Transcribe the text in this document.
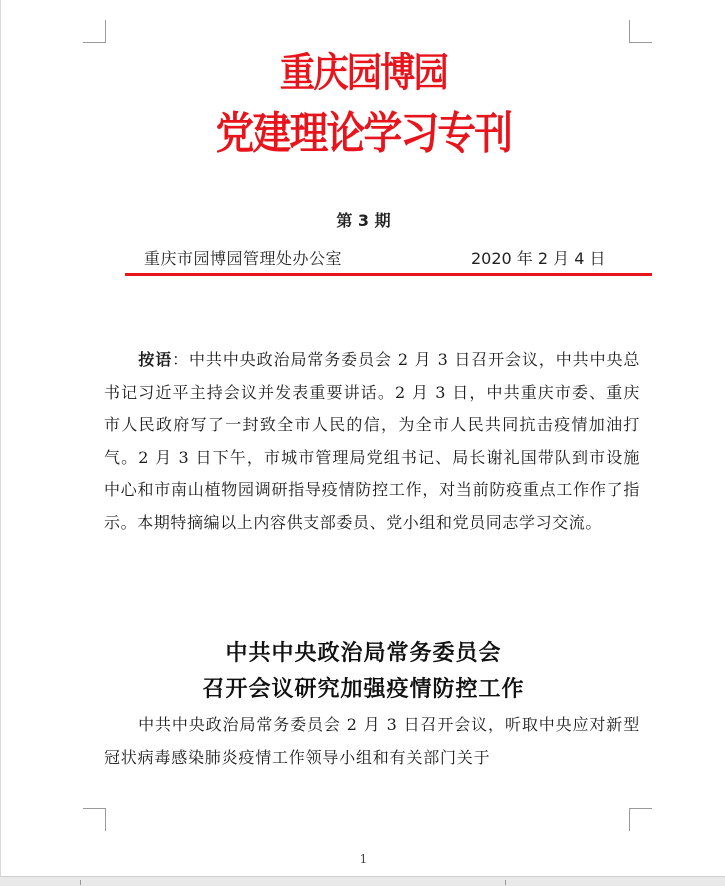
重庆园博园
党建理论学习专刊
第 3 期
重庆市园博园管理处办公室	2020 年 2 月 4 日
按语：中共中央政治局常务委员会 2 月 3 日召开会议，中共中央总书记习近平主持会议并发表重要讲话。2 月 3 日，中共重庆市委、重庆市人民政府写了一封致全市人民的信，为全市人民共同抗击疫情加油打气。2 月 3 日下午，市城市管理局党组书记、局长谢礼国带队到市设施中心和市南山植物园调研指导疫情防控工作，对当前防疫重点工作作了指示。本期特摘编以上内容供支部委员、党小组和党员同志学习交流。
中共中央政治局常务委员会
召开会议研究加强疫情防控工作
中共中央政治局常务委员会 2 月 3 日召开会议，听取中央应对新型冠状病毒感染肺炎疫情工作领导小组和有关部门关于
1
